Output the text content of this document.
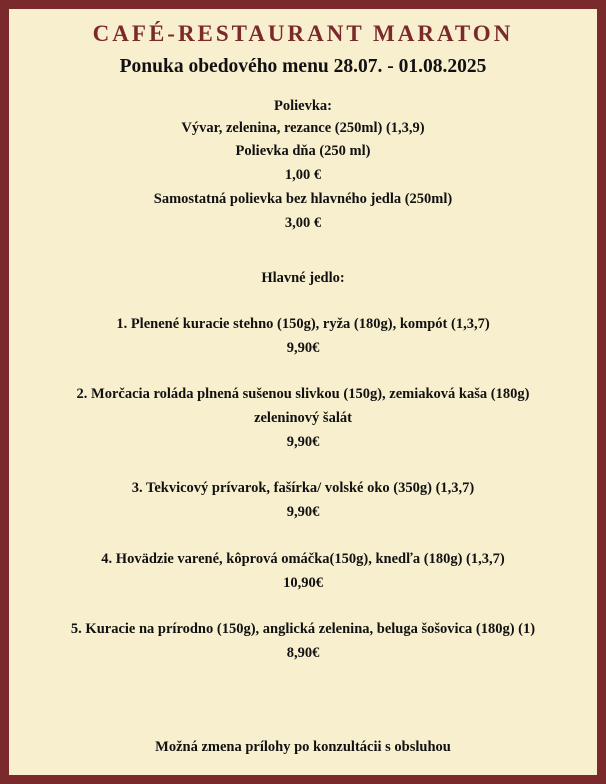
CAFÉ-RESTAURANT MARATON
Ponuka obedového menu 28.07. - 01.08.2025
Polievka:
Vývar, zelenina, rezance (250ml) (1,3,9)
Polievka dňa (250 ml)
1,00 €
Samostatná polievka bez hlavného jedla (250ml)
3,00 €
Hlavné jedlo:
1. Plenené kuracie stehno (150g), ryža (180g), kompót (1,3,7)
9,90€
2. Morčacia roláda plnená sušenou slivkou (150g), zemiaková kaša (180g)
zeleninový šalát
9,90€
3. Tekvicový prívarok, fašírka/ volské oko (350g) (1,3,7)
9,90€
4. Hovädzie varené, kôprová omáčka(150g), knedľa (180g) (1,3,7)
10,90€
5. Kuracie na prírodno (150g), anglická zelenina, beluga šošovica (180g) (1)
8,90€
Možná zmena prílohy po konzultácii s obsluhou
